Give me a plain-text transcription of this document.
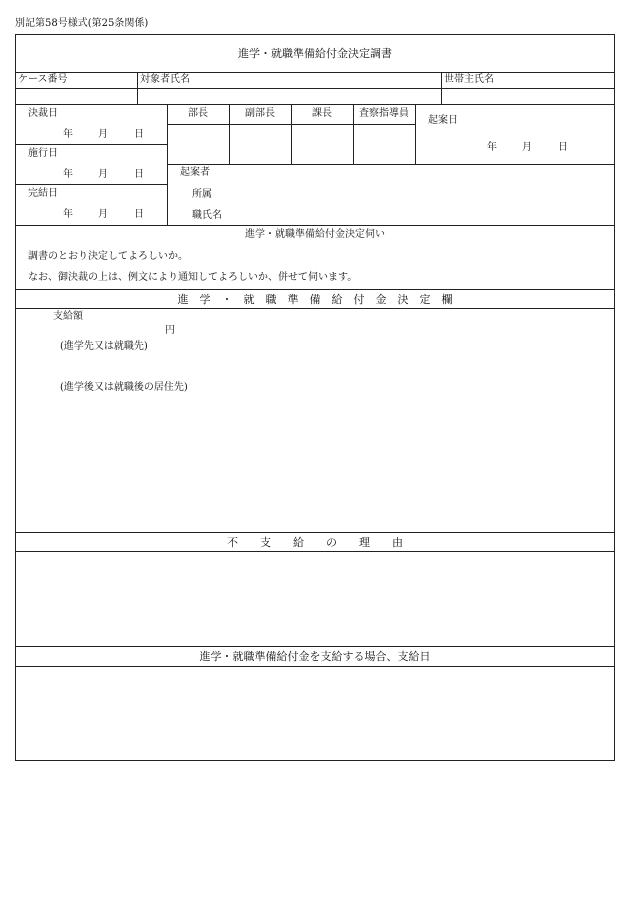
別記第58号様式(第25条関係)
進学・就職準備給付金決定調書
ケース番号	対象者氏名	世帯主氏名
決裁日
年	月	日
施行日
年	月	日
完結日
年	月	日
部長	副部長	課長	査察指導員
起案日
年	月	日
起案者
所属
職氏名
進学・就職準備給付金決定伺い
調書のとおり決定してよろしいか。
なお、御決裁の上は、例文により通知してよろしいか、併せて伺います。
進　学　・　就　職　準　備　給　付　金　決　定　欄
支給額
円
(進学先又は就職先)
(進学後又は就職後の居住先)
不　　支　　給　　の　　理　　由
進学・就職準備給付金を支給する場合、支給日
